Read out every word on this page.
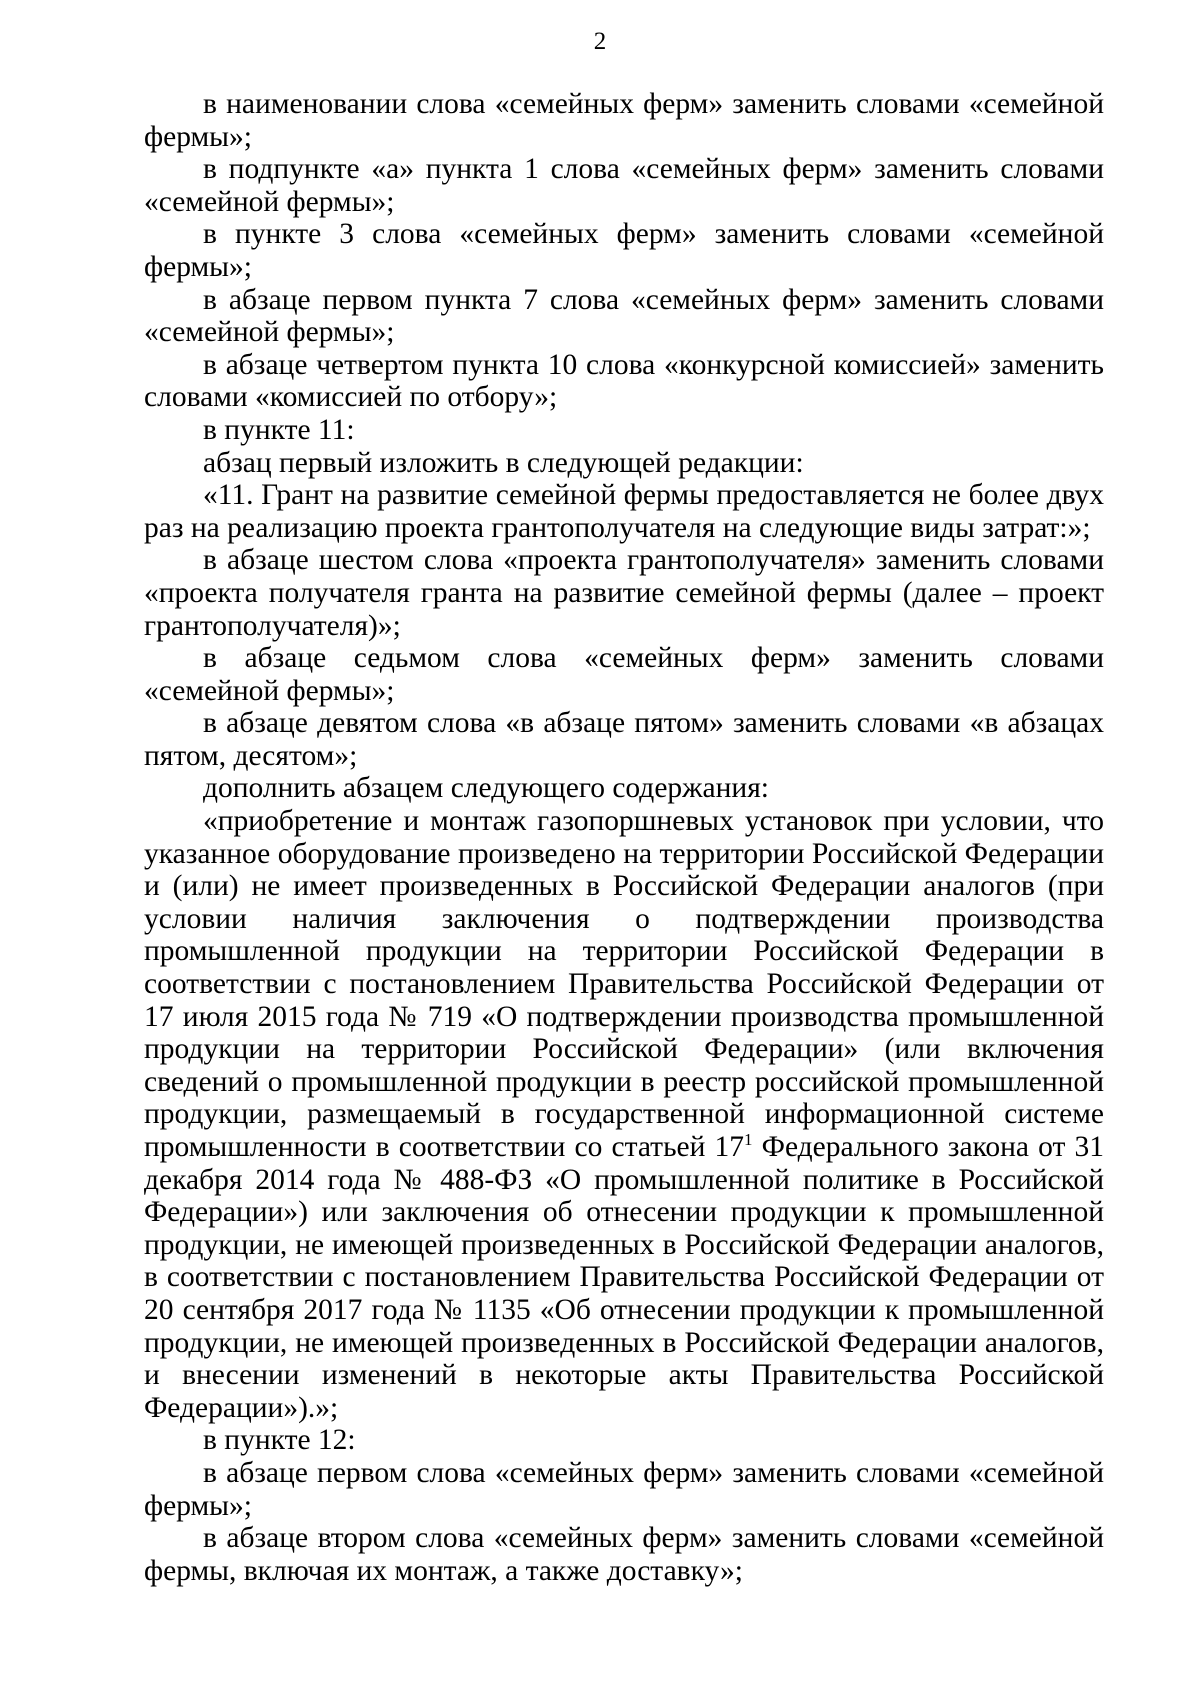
2

в наименовании слова «семейных ферм» заменить словами «семейной фермы»;

в подпункте «а» пункта 1 слова «семейных ферм» заменить словами «семейной фермы»;

в пункте 3 слова «семейных ферм» заменить словами «семейной фермы»;

в абзаце первом пункта 7 слова «семейных ферм» заменить словами «семейной фермы»;

в абзаце четвертом пункта 10 слова «конкурсной комиссией» заменить словами «комиссией по отбору»;

в пункте 11:

абзац первый изложить в следующей редакции:

«11. Грант на развитие семейной фермы предоставляется не более двух раз на реализацию проекта грантополучателя на следующие виды затрат:»;

в абзаце шестом слова «проекта грантополучателя» заменить словами «проекта получателя гранта на развитие семейной фермы (далее – проект грантополучателя)»;

в абзаце седьмом слова «семейных ферм» заменить словами «семейной фермы»;

в абзаце девятом слова «в абзаце пятом» заменить словами «в абзацах пятом, десятом»;

дополнить абзацем следующего содержания:

«приобретение и монтаж газопоршневых установок при условии, что указанное оборудование произведено на территории Российской Федерации и (или) не имеет произведенных в Российской Федерации аналогов (при условии наличия заключения о подтверждении производства промышленной продукции на территории Российской Федерации в соответствии с постановлением Правительства Российской Федерации от 17 июля 2015 года № 719 «О подтверждении производства промышленной продукции на территории Российской Федерации» (или включения сведений о промышленной продукции в реестр российской промышленной продукции, размещаемый в государственной информационной системе промышленности в соответствии со статьей $17^1$ Федерального закона от 31 декабря 2014 года № 488-ФЗ «О промышленной политике в Российской Федерации») или заключения об отнесении продукции к промышленной продукции, не имеющей произведенных в Российской Федерации аналогов, в соответствии с постановлением Правительства Российской Федерации от 20 сентября 2017 года № 1135 «Об отнесении продукции к промышленной продукции, не имеющей произведенных в Российской Федерации аналогов, и внесении изменений в некоторые акты Правительства Российской Федерации»).»;

в пункте 12:

в абзаце первом слова «семейных ферм» заменить словами «семейной фермы»;

в абзаце втором слова «семейных ферм» заменить словами «семейной фермы, включая их монтаж, а также доставку»;
